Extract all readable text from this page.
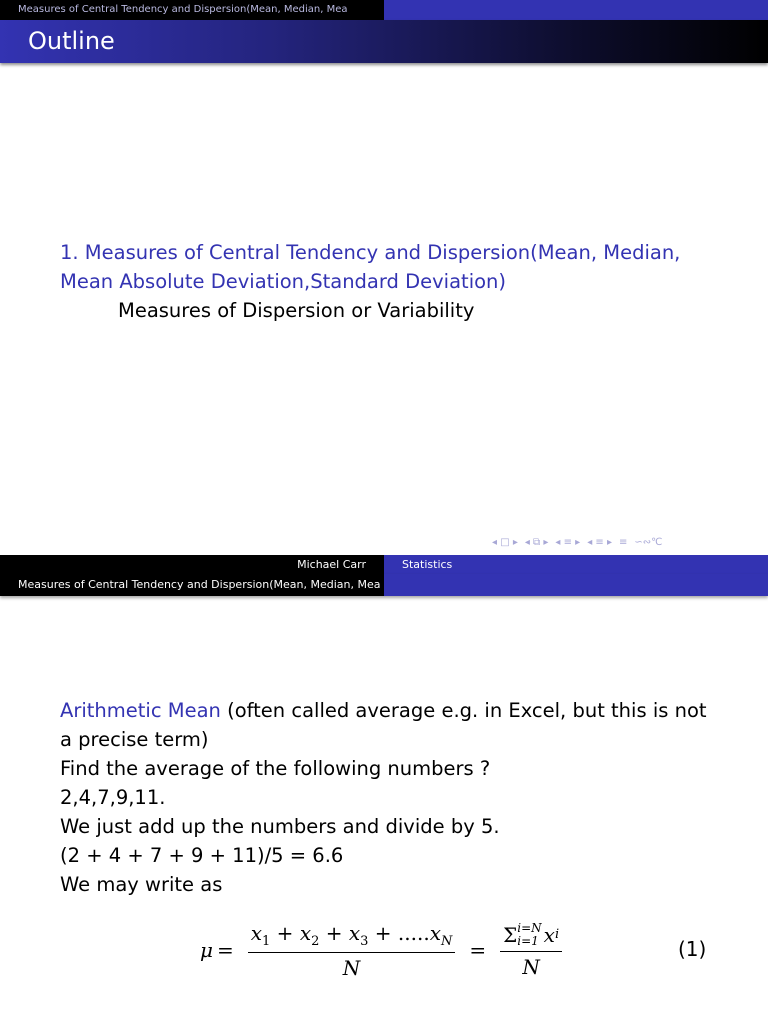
Measures of Central Tendency and Dispersion(Mean, Median, Mea
Outline
1. Measures of Central Tendency and Dispersion(Mean, Median,
Mean Absolute Deviation,Standard Deviation)
Measures of Dispersion or Variability
◂ □ ▸ ◂ ⧉ ▸ ◂ ≡ ▸ ◂ ≡ ▸ ≡ ∽∾℃
Michael Carr	Statistics
Measures of Central Tendency and Dispersion(Mean, Median, Mea
Arithmetic Mean (often called average e.g. in Excel, but this is not
a precise term)
Find the average of the following numbers ?
2,4,7,9,11.
We just add up the numbers and divide by 5.
(2 + 4 + 7 + 9 + 11)/5 = 6.6
We may write as
$\mu = \frac{x_1 + x_2 + x_3 + .....x_N}{N} = \Sigma$ i=N
i=1 x i
N	(1)
